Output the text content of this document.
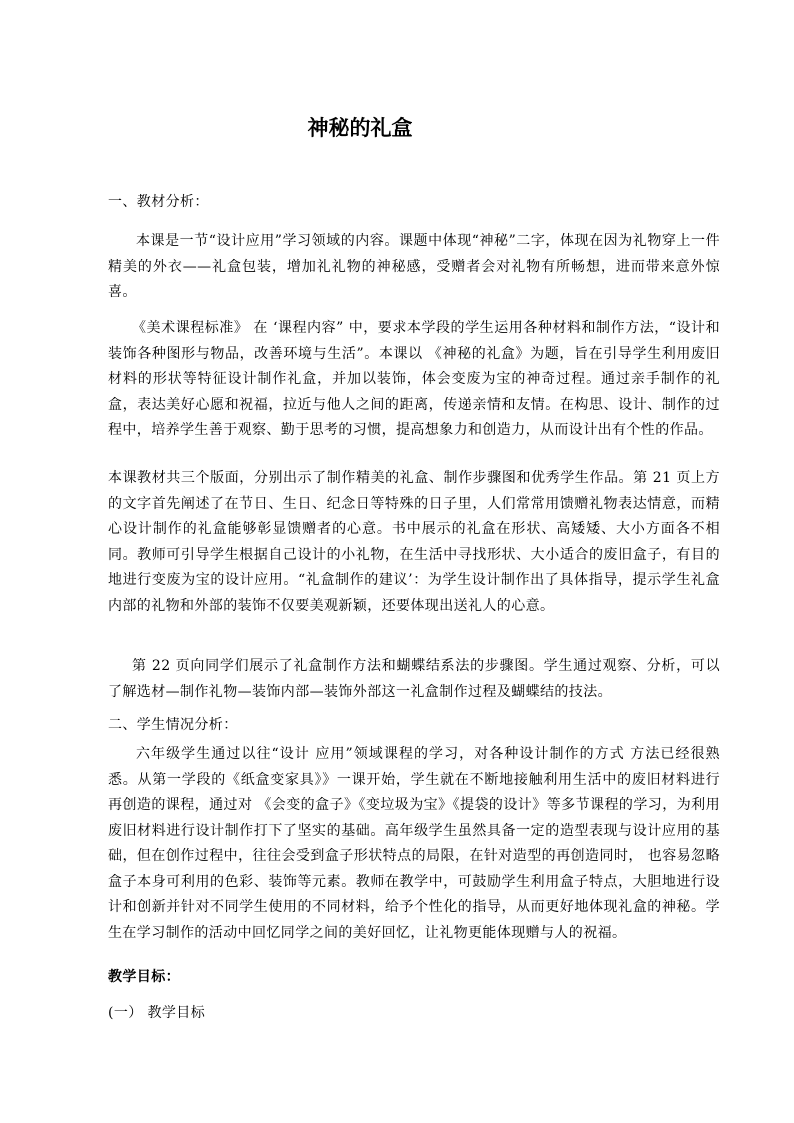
神秘的礼盒

一、教材分析：

本课是一节“设计应用”学习领域的内容。课题中体现“神秘”二字，体现在因为礼物穿上一件精美的外衣——礼盒包装，增加礼礼物的神秘感，受赠者会对礼物有所畅想，进而带来意外惊喜。

《美术课程标准》 在 ‘课程内容” 中，要求本学段的学生运用各种材料和制作方法，“设计和装饰各种图形与物品，改善环境与生活”。本课以 《神秘的礼盒》为题，旨在引导学生利用废旧材料的形状等特征设计制作礼盒，并加以装饰，体会变废为宝的神奇过程。通过亲手制作的礼盒，表达美好心愿和祝福，拉近与他人之间的距离，传递亲情和友情。在构思、设计、制作的过程中，培养学生善于观察、勤于思考的习惯，提高想象力和创造力，从而设计出有个性的作品。

本课教材共三个版面，分别出示了制作精美的礼盒、制作步骤图和优秀学生作品。第 21 页上方的文字首先阐述了在节日、生日、纪念日等特殊的日子里，人们常常用馈赠礼物表达情意，而精心设计制作的礼盒能够彰显馈赠者的心意。书中展示的礼盒在形状、高矮矮、大小方面各不相同。教师可引导学生根据自己设计的小礼物，在生活中寻找形状、大小适合的废旧盒子，有目的地进行变废为宝的设计应用。“礼盒制作的建议’：为学生设计制作出了具体指导，提示学生礼盒内部的礼物和外部的装饰不仅要美观新颖，还要体现出送礼人的心意。

第 22 页向同学们展示了礼盒制作方法和蝴蝶结系法的步骤图。学生通过观察、分析，可以了解选材—制作礼物—装饰内部—装饰外部这一礼盒制作过程及蝴蝶结的技法。

二、学生情况分析：

六年级学生通过以往“设计 应用”领域课程的学习，对各种设计制作的方式 方法已经很熟悉。从第一学段的《纸盒变家具》》一课开始，学生就在不断地接触利用生活中的废旧材料进行再创造的课程，通过对 《会变的盒子》《变垃圾为宝》《提袋的设计》等多节课程的学习，为利用废旧材料进行设计制作打下了坚实的基础。高年级学生虽然具备一定的造型表现与设计应用的基础，但在创作过程中，往往会受到盒子形状特点的局限，在针对造型的再创造同时， 也容易忽略盒子本身可利用的色彩、装饰等元素。教师在教学中，可鼓励学生利用盒子特点，大胆地进行设计和创新并针对不同学生使用的不同材料，给予个性化的指导，从而更好地体现礼盒的神秘。学生在学习制作的活动中回忆同学之间的美好回忆，让礼物更能体现赠与人的祝福。

教学目标：

(一） 教学目标
